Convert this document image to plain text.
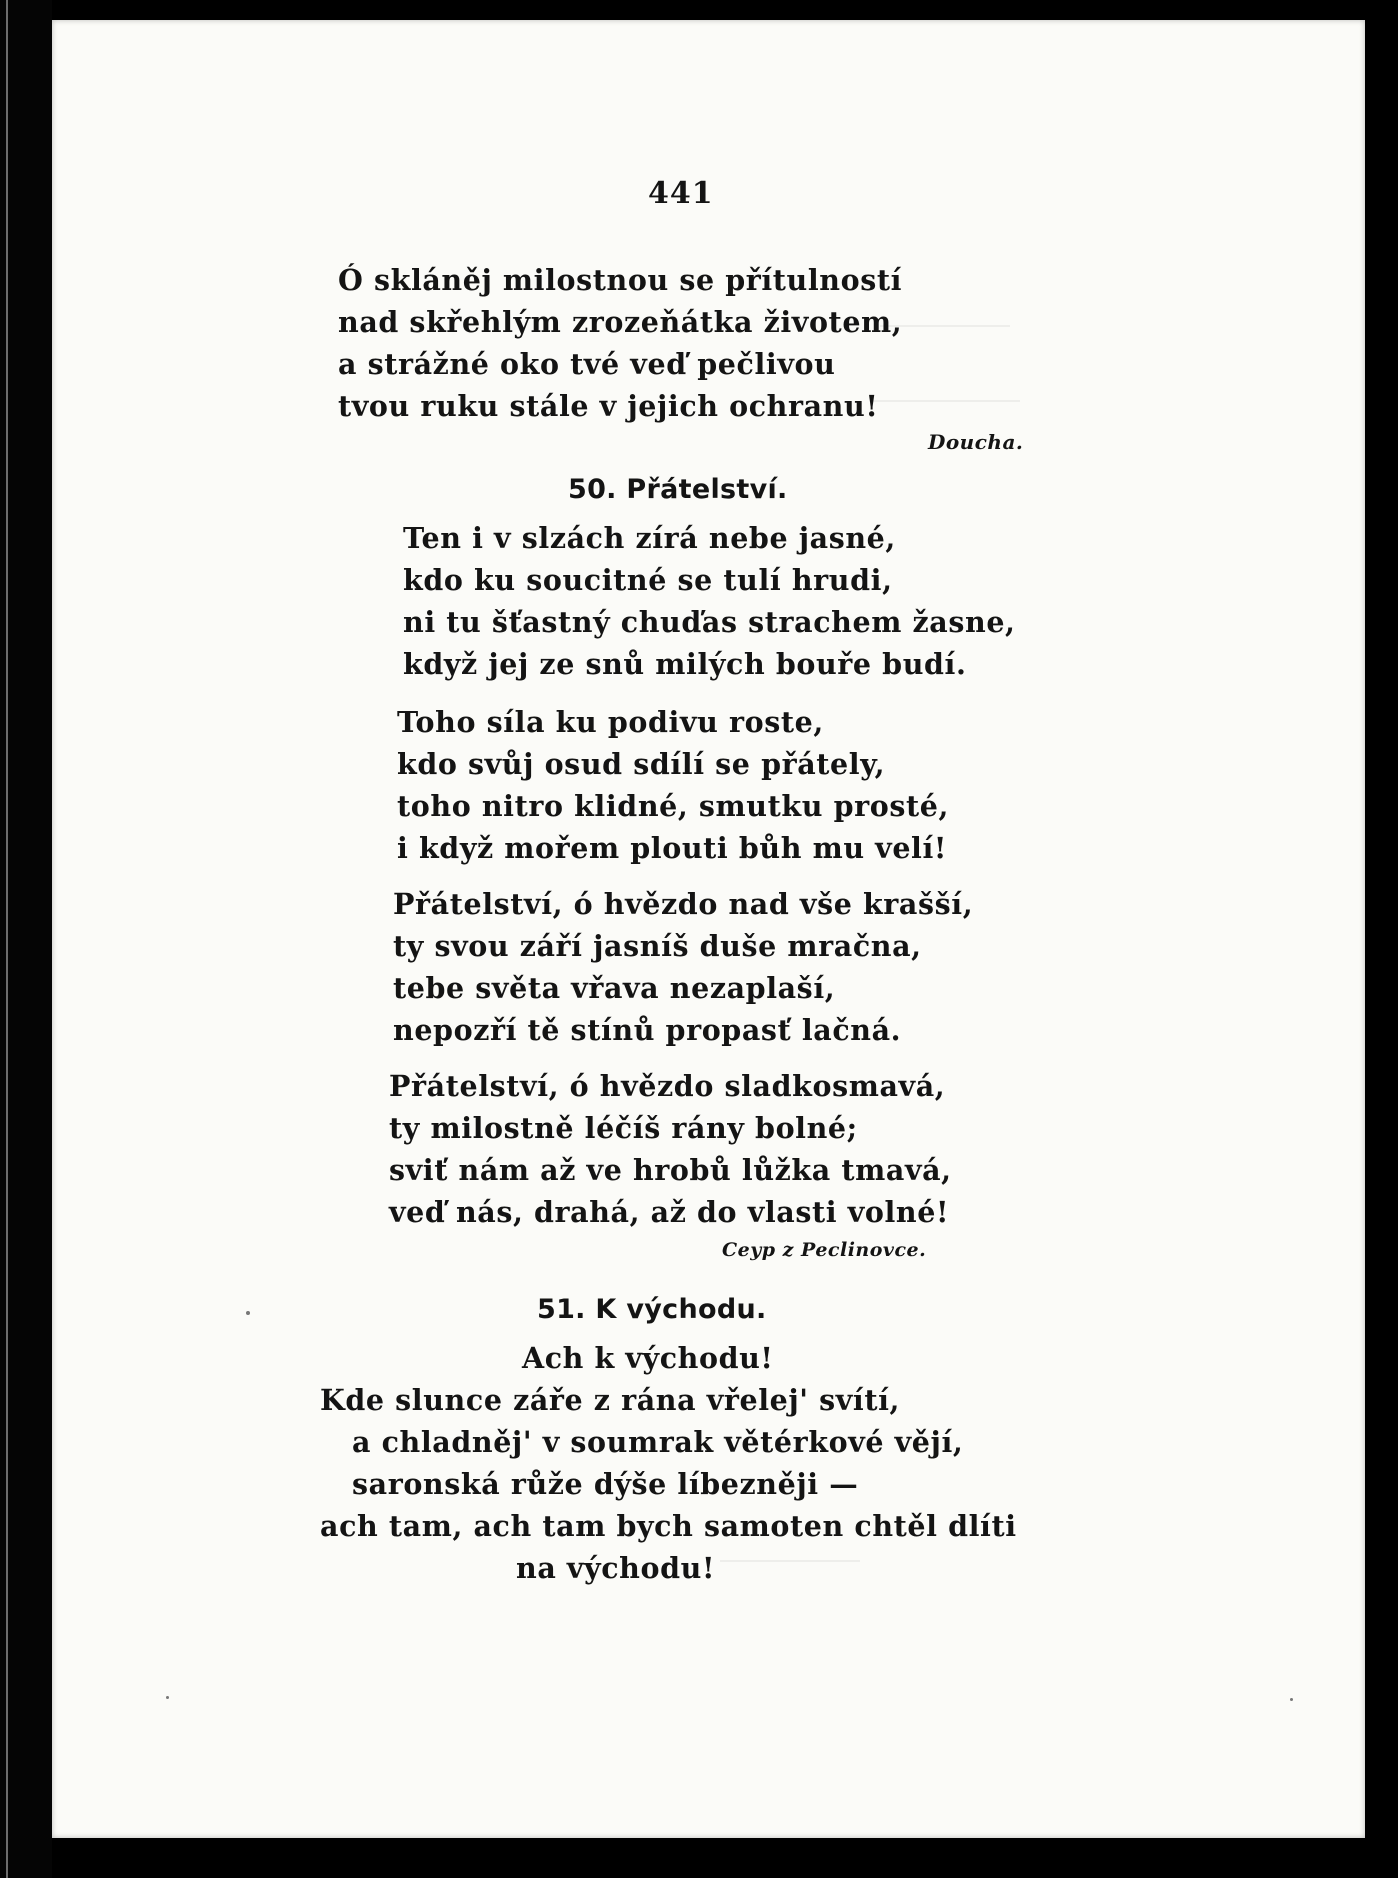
441
Ó skláněj milostnou se přítulností
nad skřehlým zrozeňátka životem,
a strážné oko tvé veď pečlivou
tvou ruku stále v jejich ochranu!
Doucha.
50. Přátelství.
Ten i v slzách zírá nebe jasné,
kdo ku soucitné se tulí hrudi,
ni tu šťastný chuďas strachem žasne,
když jej ze snů milých bouře budí.
Toho síla ku podivu roste,
kdo svůj osud sdílí se přátely,
toho nitro klidné, smutku prosté,
i když mořem plouti bůh mu velí!
Přátelství, ó hvězdo nad vše krašší,
ty svou září jasníš duše mračna,
tebe světa vřava nezaplaší,
nepozří tě stínů propasť lačná.
Přátelství, ó hvězdo sladkosmavá,
ty milostně léčíš rány bolné;
sviť nám až ve hrobů lůžka tmavá,
veď nás, drahá, až do vlasti volné!
Ceyp z Peclinovce.
51. K východu.
Ach k východu!
Kde slunce záře z rána vřelej' svítí,
a chladněj' v soumrak větérkové vějí,
saronská růže dýše líbezněji —
ach tam, ach tam bych samoten chtěl dlíti
na východu!
